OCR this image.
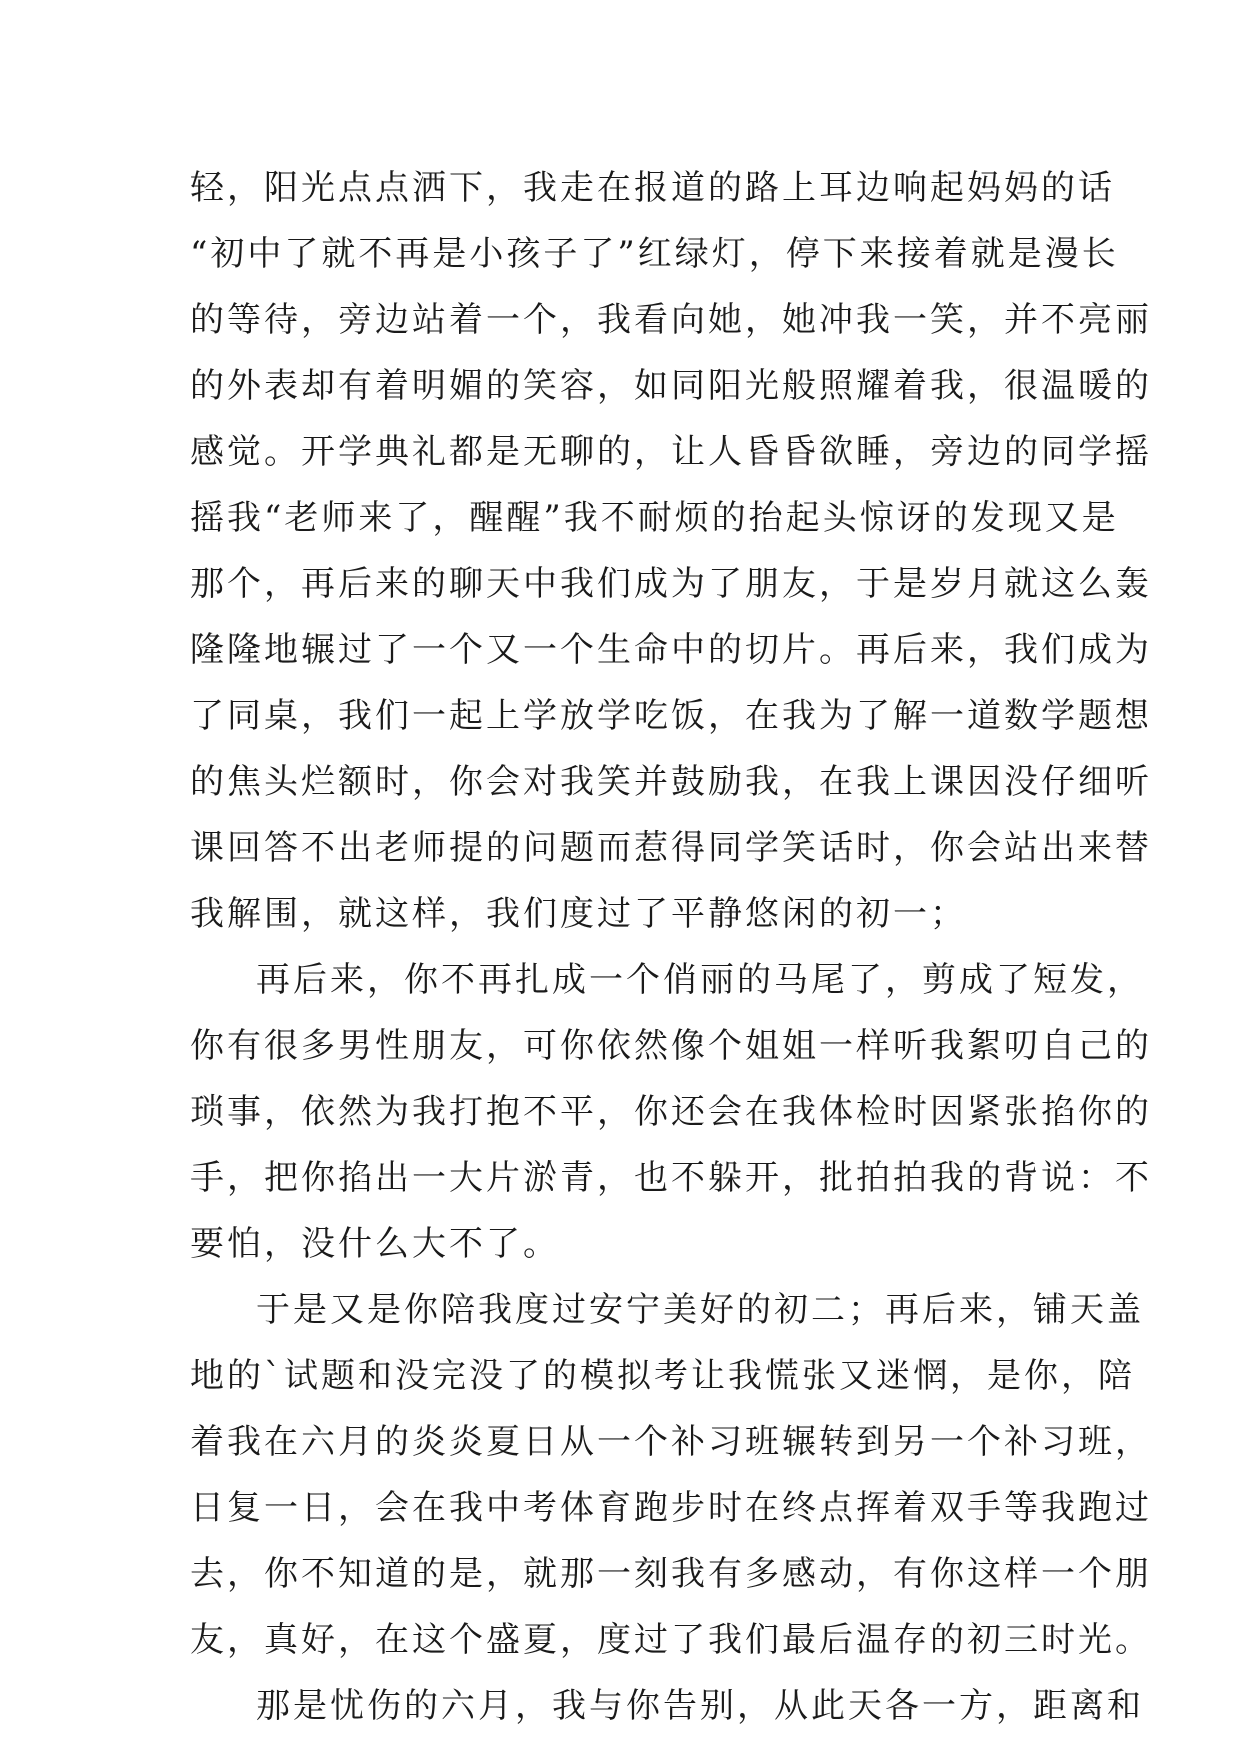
轻，阳光点点洒下，我走在报道的路上耳边响起妈妈的话
“初中了就不再是小孩子了”红绿灯，停下来接着就是漫长
的等待，旁边站着一个，我看向她，她冲我一笑，并不亮丽
的外表却有着明媚的笑容，如同阳光般照耀着我，很温暖的
感觉。开学典礼都是无聊的，让人昏昏欲睡，旁边的同学摇
摇我“老师来了，醒醒”我不耐烦的抬起头惊讶的发现又是
那个，再后来的聊天中我们成为了朋友，于是岁月就这么轰
隆隆地辗过了一个又一个生命中的切片。再后来，我们成为
了同桌，我们一起上学放学吃饭，在我为了解一道数学题想
的焦头烂额时，你会对我笑并鼓励我，在我上课因没仔细听
课回答不出老师提的问题而惹得同学笑话时，你会站出来替
我解围，就这样，我们度过了平静悠闲的初一；
再后来，你不再扎成一个俏丽的马尾了，剪成了短发，
你有很多男性朋友，可你依然像个姐姐一样听我絮叨自己的
琐事，依然为我打抱不平，你还会在我体检时因紧张掐你的
手，把你掐出一大片淤青，也不躲开，批拍拍我的背说：不
要怕，没什么大不了。
于是又是你陪我度过安宁美好的初二；再后来，铺天盖
地的`试题和没完没了的模拟考让我慌张又迷惘，是你，陪
着我在六月的炎炎夏日从一个补习班辗转到另一个补习班，
日复一日，会在我中考体育跑步时在终点挥着双手等我跑过
去，你不知道的是，就那一刻我有多感动，有你这样一个朋
友，真好，在这个盛夏，度过了我们最后温存的初三时光。
那是忧伤的六月，我与你告别，从此天各一方，距离和
